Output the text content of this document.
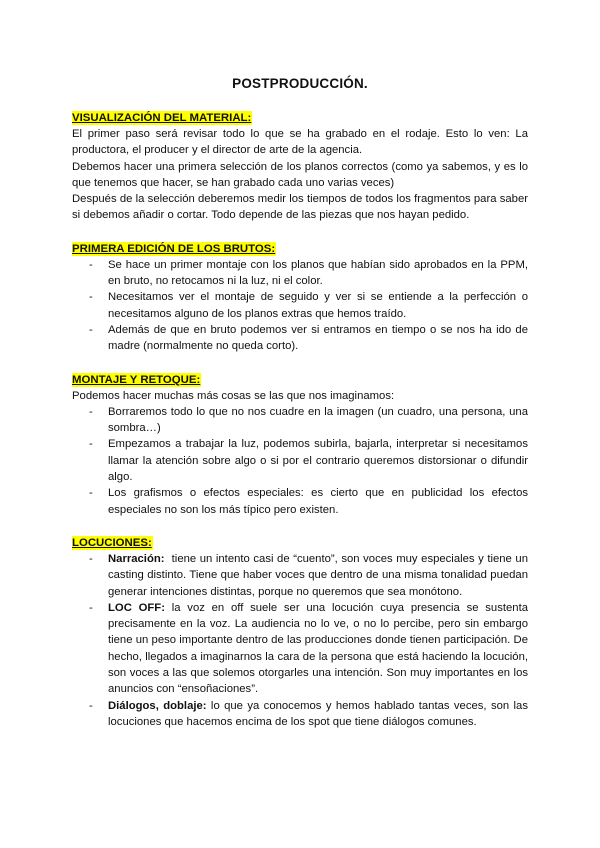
POSTPRODUCCIÓN.
VISUALIZACIÓN DEL MATERIAL:

El primer paso será revisar todo lo que se ha grabado en el rodaje. Esto lo ven: La productora, el producer y el director de arte de la agencia.

Debemos hacer una primera selección de los planos correctos (como ya sabemos, y es lo que tenemos que hacer, se han grabado cada uno varias veces)

Después de la selección deberemos medir los tiempos de todos los fragmentos para saber si debemos añadir o cortar. Todo depende de las piezas que nos hayan pedido.

PRIMERA EDICIÓN DE LOS BRUTOS:
- Se hace un primer montaje con los planos que habían sido aprobados en la PPM, en bruto, no retocamos ni la luz, ni el color.
- Necesitamos ver el montaje de seguido y ver si se entiende a la perfección o necesitamos alguno de los planos extras que hemos traído.
- Además de que en bruto podemos ver si entramos en tiempo o se nos ha ido de madre (normalmente no queda corto).
MONTAJE Y RETOQUE:

Podemos hacer muchas más cosas se las que nos imaginamos:

- Borraremos todo lo que no nos cuadre en la imagen (un cuadro, una persona, una sombra…)
- Empezamos a trabajar la luz, podemos subirla, bajarla, interpretar si necesitamos llamar la atención sobre algo o si por el contrario queremos distorsionar o difundir algo.
- Los grafismos o efectos especiales: es cierto que en publicidad los efectos especiales no son los más típico pero existen.
LOCUCIONES:
- Narración:  tiene un intento casi de “cuento”, son voces muy especiales y tiene un casting distinto. Tiene que haber voces que dentro de una misma tonalidad puedan generar intenciones distintas, porque no queremos que sea monótono.
- LOC OFF: la voz en off suele ser una locución cuya presencia se sustenta precisamente en la voz. La audiencia no lo ve, o no lo percibe, pero sin embargo tiene un peso importante dentro de las producciones donde tienen participación. De hecho, llegados a imaginarnos la cara de la persona que está haciendo la locución, son voces a las que solemos otorgarles una intención. Son muy importantes en los anuncios con “ensoñaciones”.
- Diálogos, doblaje: lo que ya conocemos y hemos hablado tantas veces, son las locuciones que hacemos encima de los spot que tiene diálogos comunes.
